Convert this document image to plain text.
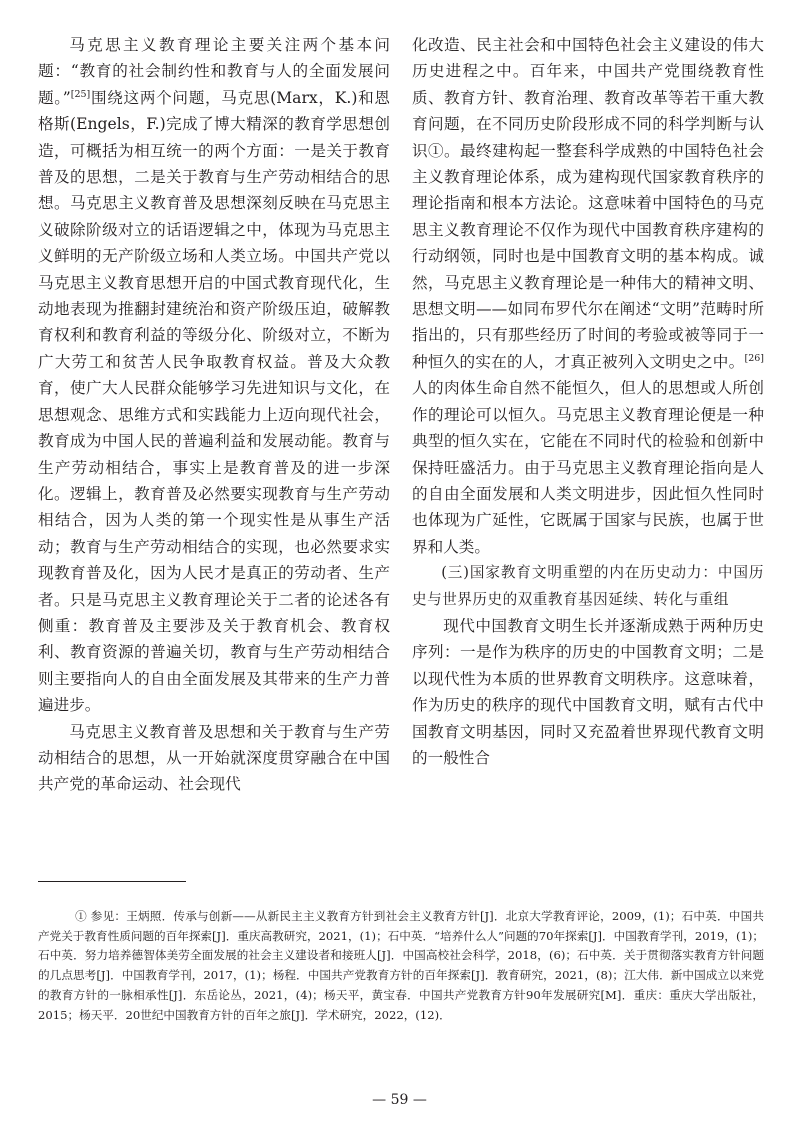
马克思主义教育理论主要关注两个基本问题：“教育的社会制约性和教育与人的全面发展问题。”[25]围绕这两个问题，马克思(Marx，K.)和恩格斯(Engels，F.)完成了博大精深的教育学思想创造，可概括为相互统一的两个方面：一是关于教育普及的思想，二是关于教育与生产劳动相结合的思想。马克思主义教育普及思想深刻反映在马克思主义破除阶级对立的话语逻辑之中，体现为马克思主义鲜明的无产阶级立场和人类立场。中国共产党以马克思主义教育思想开启的中国式教育现代化，生动地表现为推翻封建统治和资产阶级压迫，破解教育权利和教育利益的等级分化、阶级对立，不断为广大劳工和贫苦人民争取教育权益。普及大众教育，使广大人民群众能够学习先进知识与文化，在思想观念、思维方式和实践能力上迈向现代社会，教育成为中国人民的普遍利益和发展动能。教育与生产劳动相结合，事实上是教育普及的进一步深化。逻辑上，教育普及必然要实现教育与生产劳动相结合，因为人类的第一个现实性是从事生产活动；教育与生产劳动相结合的实现，也必然要求实现教育普及化，因为人民才是真正的劳动者、生产者。只是马克思主义教育理论关于二者的论述各有侧重：教育普及主要涉及关于教育机会、教育权利、教育资源的普遍关切，教育与生产劳动相结合则主要指向人的自由全面发展及其带来的生产力普遍进步。

马克思主义教育普及思想和关于教育与生产劳动相结合的思想，从一开始就深度贯穿融合在中国共产党的革命运动、社会现代

化改造、民主社会和中国特色社会主义建设的伟大历史进程之中。百年来，中国共产党围绕教育性质、教育方针、教育治理、教育改革等若干重大教育问题，在不同历史阶段形成不同的科学判断与认识①。最终建构起一整套科学成熟的中国特色社会主义教育理论体系，成为建构现代国家教育秩序的理论指南和根本方法论。这意味着中国特色的马克思主义教育理论不仅作为现代中国教育秩序建构的行动纲领，同时也是中国教育文明的基本构成。诚然，马克思主义教育理论是一种伟大的精神文明、思想文明——如同布罗代尔在阐述“文明”范畴时所指出的，只有那些经历了时间的考验或被等同于一种恒久的实在的人，才真正被列入文明史之中。[26]人的肉体生命自然不能恒久，但人的思想或人所创作的理论可以恒久。马克思主义教育理论便是一种典型的恒久实在，它能在不同时代的检验和创新中保持旺盛活力。由于马克思主义教育理论指向是人的自由全面发展和人类文明进步，因此恒久性同时也体现为广延性，它既属于国家与民族，也属于世界和人类。

(三)国家教育文明重塑的内在历史动力：中国历史与世界历史的双重教育基因延续、转化与重组

现代中国教育文明生长并逐渐成熟于两种历史序列：一是作为秩序的历史的中国教育文明；二是以现代性为本质的世界教育文明秩序。这意味着，作为历史的秩序的现代中国教育文明，赋有古代中国教育文明基因，同时又充盈着世界现代教育文明的一般性合

① 参见：王炳照．传承与创新——从新民主主义教育方针到社会主义教育方针[J]．北京大学教育评论，2009，(1)；石中英．中国共产党关于教育性质问题的百年探索[J]．重庆高教研究，2021，(1)；石中英．“培养什么人”问题的70年探索[J]．中国教育学刊，2019，(1)；石中英．努力培养德智体美劳全面发展的社会主义建设者和接班人[J]．中国高校社会科学，2018，(6)；石中英．关于贯彻落实教育方针问题的几点思考[J]．中国教育学刊，2017，(1)；杨程．中国共产党教育方针的百年探索[J]．教育研究，2021，(8)；江大伟．新中国成立以来党的教育方针的一脉相承性[J]．东岳论丛，2021，(4)；杨天平，黄宝春．中国共产党教育方针90年发展研究[M]．重庆：重庆大学出版社，2015；杨天平．20世纪中国教育方针的百年之旅[J]．学术研究，2022，(12)．

— 59 —
